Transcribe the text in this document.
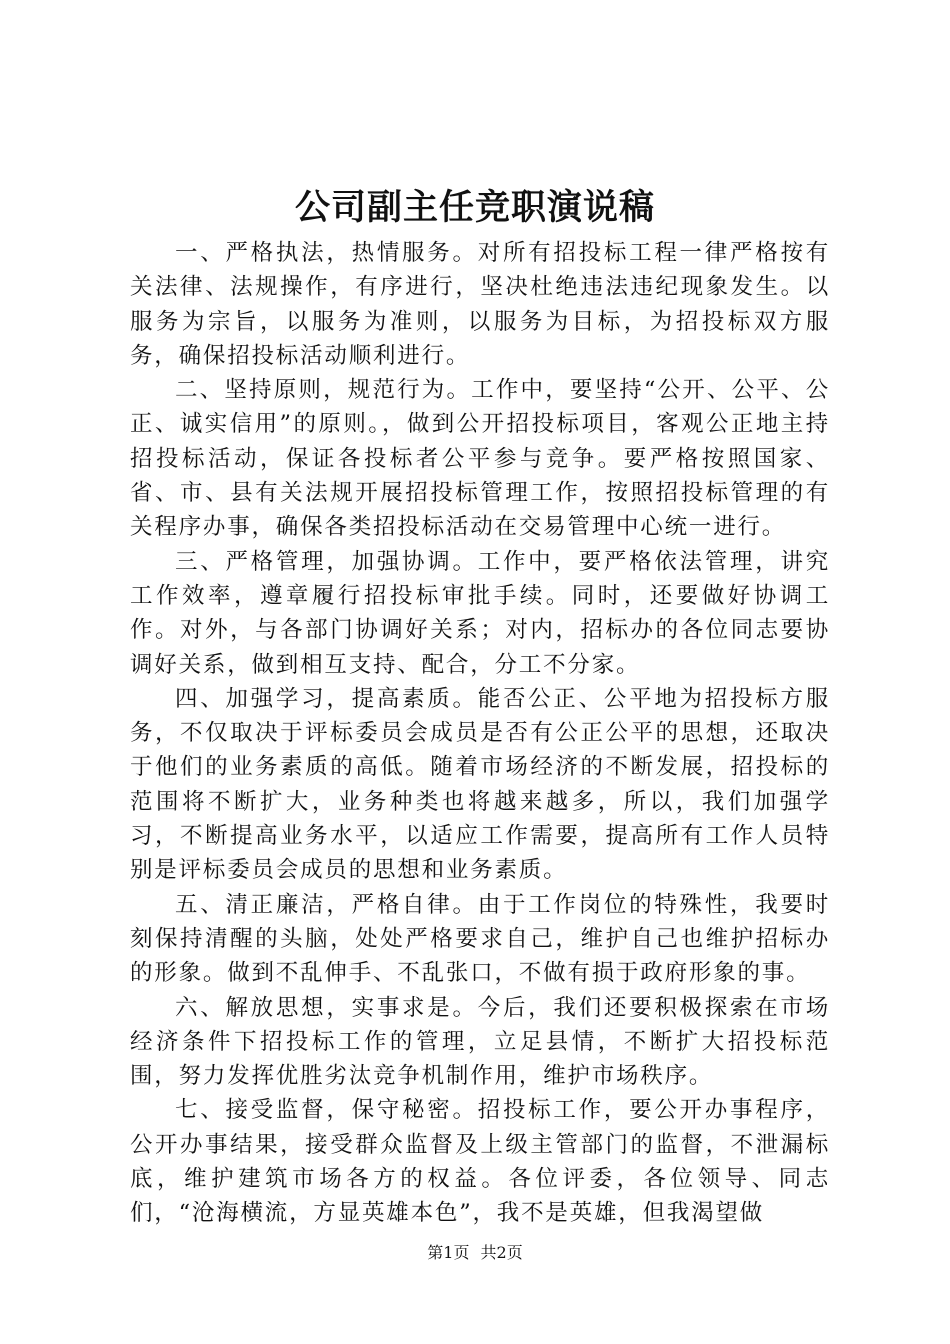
公司副主任竞职演说稿

一、严格执法，热情服务。对所有招投标工程一律严格按有关法律、法规操作，有序进行，坚决杜绝违法违纪现象发生。以服务为宗旨，以服务为准则，以服务为目标，为招投标双方服务，确保招投标活动顺利进行。

二、坚持原则，规范行为。工作中，要坚持“公开、公平、公正、诚实信用”的原则。，做到公开招投标项目，客观公正地主持招投标活动，保证各投标者公平参与竞争。要严格按照国家、省、市、县有关法规开展招投标管理工作，按照招投标管理的有关程序办事，确保各类招投标活动在交易管理中心统一进行。

三、严格管理，加强协调。工作中，要严格依法管理，讲究工作效率，遵章履行招投标审批手续。同时，还要做好协调工作。对外，与各部门协调好关系；对内，招标办的各位同志要协调好关系，做到相互支持、配合，分工不分家。

四、加强学习，提高素质。能否公正、公平地为招投标方服务，不仅取决于评标委员会成员是否有公正公平的思想，还取决于他们的业务素质的高低。随着市场经济的不断发展，招投标的范围将不断扩大，业务种类也将越来越多，所以，我们加强学习，不断提高业务水平，以适应工作需要，提高所有工作人员特别是评标委员会成员的思想和业务素质。

五、清正廉洁，严格自律。由于工作岗位的特殊性，我要时刻保持清醒的头脑，处处严格要求自己，维护自己也维护招标办的形象。做到不乱伸手、不乱张口，不做有损于政府形象的事。

六、解放思想，实事求是。今后，我们还要积极探索在市场经济条件下招投标工作的管理，立足县情，不断扩大招投标范围，努力发挥优胜劣汰竞争机制作用，维护市场秩序。

七、接受监督，保守秘密。招投标工作，要公开办事程序，公开办事结果，接受群众监督及上级主管部门的监督，不泄漏标底，维护建筑市场各方的权益。各位评委，各位领导、同志们，“沧海横流，方显英雄本色”，我不是英雄，但我渴望做

第1页 共2页
